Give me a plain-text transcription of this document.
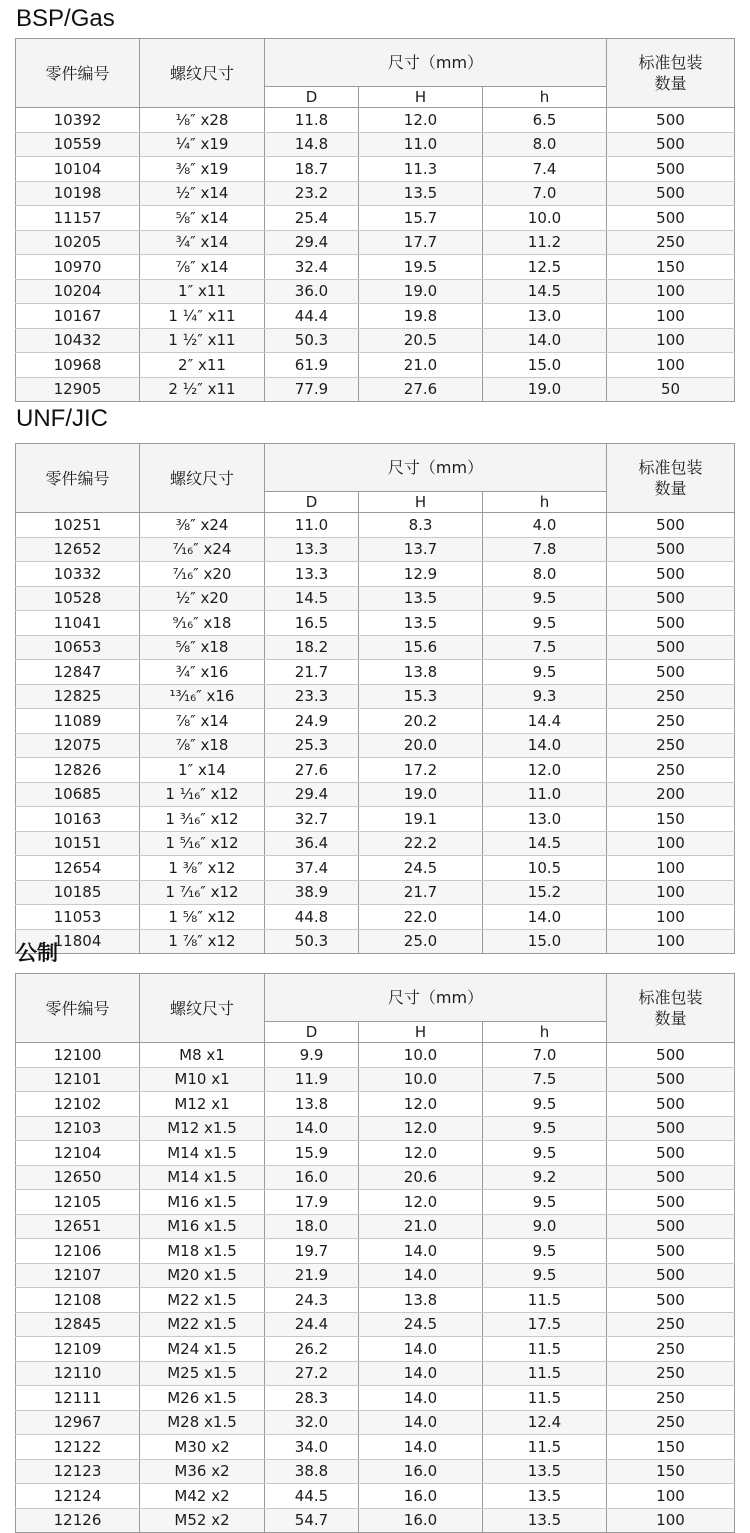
BSP/Gas
零件编号	螺纹尺寸	尺寸（mm）			标准包装
数量

		D	H	h	
10392	⅛″ x28	11.8	12.0	6.5	500
10559	¼″ x19	14.8	11.0	8.0	500
10104	⅜″ x19	18.7	11.3	7.4	500
10198	½″ x14	23.2	13.5	7.0	500
11157	⅝″ x14	25.4	15.7	10.0	500
10205	¾″ x14	29.4	17.7	11.2	250
10970	⅞″ x14	32.4	19.5	12.5	150
10204	1″ x11	36.0	19.0	14.5	100
10167	1 ¼″ x11	44.4	19.8	13.0	100
10432	1 ½″ x11	50.3	20.5	14.0	100
10968	2″ x11	61.9	21.0	15.0	100
12905	2 ½″ x11	77.9	27.6	19.0	50
UNF/JIC
零件编号	螺纹尺寸	尺寸（mm）			标准包装
数量

		D	H	h	
10251	⅜″ x24	11.0	8.3	4.0	500
12652	⁷⁄₁₆″ x24	13.3	13.7	7.8	500
10332	⁷⁄₁₆″ x20	13.3	12.9	8.0	500
10528	½″ x20	14.5	13.5	9.5	500
11041	⁹⁄₁₆″ x18	16.5	13.5	9.5	500
10653	⅝″ x18	18.2	15.6	7.5	500
12847	¾″ x16	21.7	13.8	9.5	500
12825	¹³⁄₁₆″ x16	23.3	15.3	9.3	250
11089	⅞″ x14	24.9	20.2	14.4	250
12075	⅞″ x18	25.3	20.0	14.0	250
12826	1″ x14	27.6	17.2	12.0	250
10685	1 ¹⁄₁₆″ x12	29.4	19.0	11.0	200
10163	1 ³⁄₁₆″ x12	32.7	19.1	13.0	150
10151	1 ⁵⁄₁₆″ x12	36.4	22.2	14.5	100
12654	1 ⅜″ x12	37.4	24.5	10.5	100
10185	1 ⁷⁄₁₆″ x12	38.9	21.7	15.2	100
11053	1 ⅝″ x12	44.8	22.0	14.0	100
11804	1 ⅞″ x12	50.3	25.0	15.0	100
公制
零件编号	螺纹尺寸	尺寸（mm）			标准包装
数量

		D	H	h	
12100	M8 x1	9.9	10.0	7.0	500
12101	M10 x1	11.9	10.0	7.5	500
12102	M12 x1	13.8	12.0	9.5	500
12103	M12 x1.5	14.0	12.0	9.5	500
12104	M14 x1.5	15.9	12.0	9.5	500
12650	M14 x1.5	16.0	20.6	9.2	500
12105	M16 x1.5	17.9	12.0	9.5	500
12651	M16 x1.5	18.0	21.0	9.0	500
12106	M18 x1.5	19.7	14.0	9.5	500
12107	M20 x1.5	21.9	14.0	9.5	500
12108	M22 x1.5	24.3	13.8	11.5	500
12845	M22 x1.5	24.4	24.5	17.5	250
12109	M24 x1.5	26.2	14.0	11.5	250
12110	M25 x1.5	27.2	14.0	11.5	250
12111	M26 x1.5	28.3	14.0	11.5	250
12967	M28 x1.5	32.0	14.0	12.4	250
12122	M30 x2	34.0	14.0	11.5	150
12123	M36 x2	38.8	16.0	13.5	150
12124	M42 x2	44.5	16.0	13.5	100
12126	M52 x2	54.7	16.0	13.5	100
